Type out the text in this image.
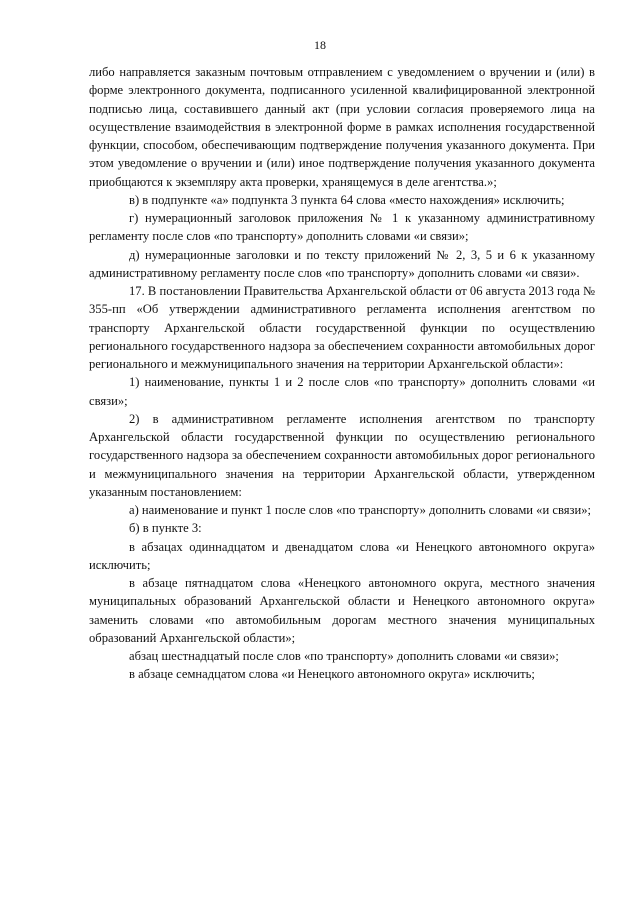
18

либо направляется заказным почтовым отправлением с уведомлением о вручении и (или) в форме электронного документа, подписанного усиленной квалифицированной электронной подписью лица, составившего данный акт (при условии согласия проверяемого лица на осуществление взаимодействия в электронной форме в рамках исполнения государственной функции, способом, обеспечивающим подтверждение получения указанного документа. При этом уведомление о вручении и (или) иное подтверждение получения указанного документа приобщаются к экземпляру акта проверки, хранящемуся в деле агентства.»;

в) в подпункте «а» подпункта 3 пункта 64 слова «место нахождения» исключить;

г) нумерационный заголовок приложения № 1 к указанному административному регламенту после слов «по транспорту» дополнить словами «и связи»;

д) нумерационные заголовки и по тексту приложений № 2, 3, 5 и 6 к указанному административному регламенту после слов «по транспорту» дополнить словами «и связи».

17. В постановлении Правительства Архангельской области от 06 августа 2013 года № 355-пп «Об утверждении административного регламента исполнения агентством по транспорту Архангельской области государственной функции по осуществлению регионального государственного надзора за обеспечением сохранности автомобильных дорог регионального и межмуниципального значения на территории Архангельской области»:

1) наименование, пункты 1 и 2 после слов «по транспорту» дополнить словами «и связи»;

2) в административном регламенте исполнения агентством по транспорту Архангельской области государственной функции по осуществлению регионального государственного надзора за обеспечением сохранности автомобильных дорог регионального и межмуниципального значения на территории Архангельской области, утвержденном указанным постановлением:

а) наименование и пункт 1 после слов «по транспорту» дополнить словами «и связи»;

б) в пункте 3:

в абзацах одиннадцатом и двенадцатом слова «и Ненецкого автономного округа» исключить;

в абзаце пятнадцатом слова «Ненецкого автономного округа, местного значения муниципальных образований Архангельской области и Ненецкого автономного округа» заменить словами «по автомобильным дорогам местного значения муниципальных образований Архангельской области»;

абзац шестнадцатый после слов «по транспорту» дополнить словами «и связи»;

в абзаце семнадцатом слова «и Ненецкого автономного округа» исключить;
